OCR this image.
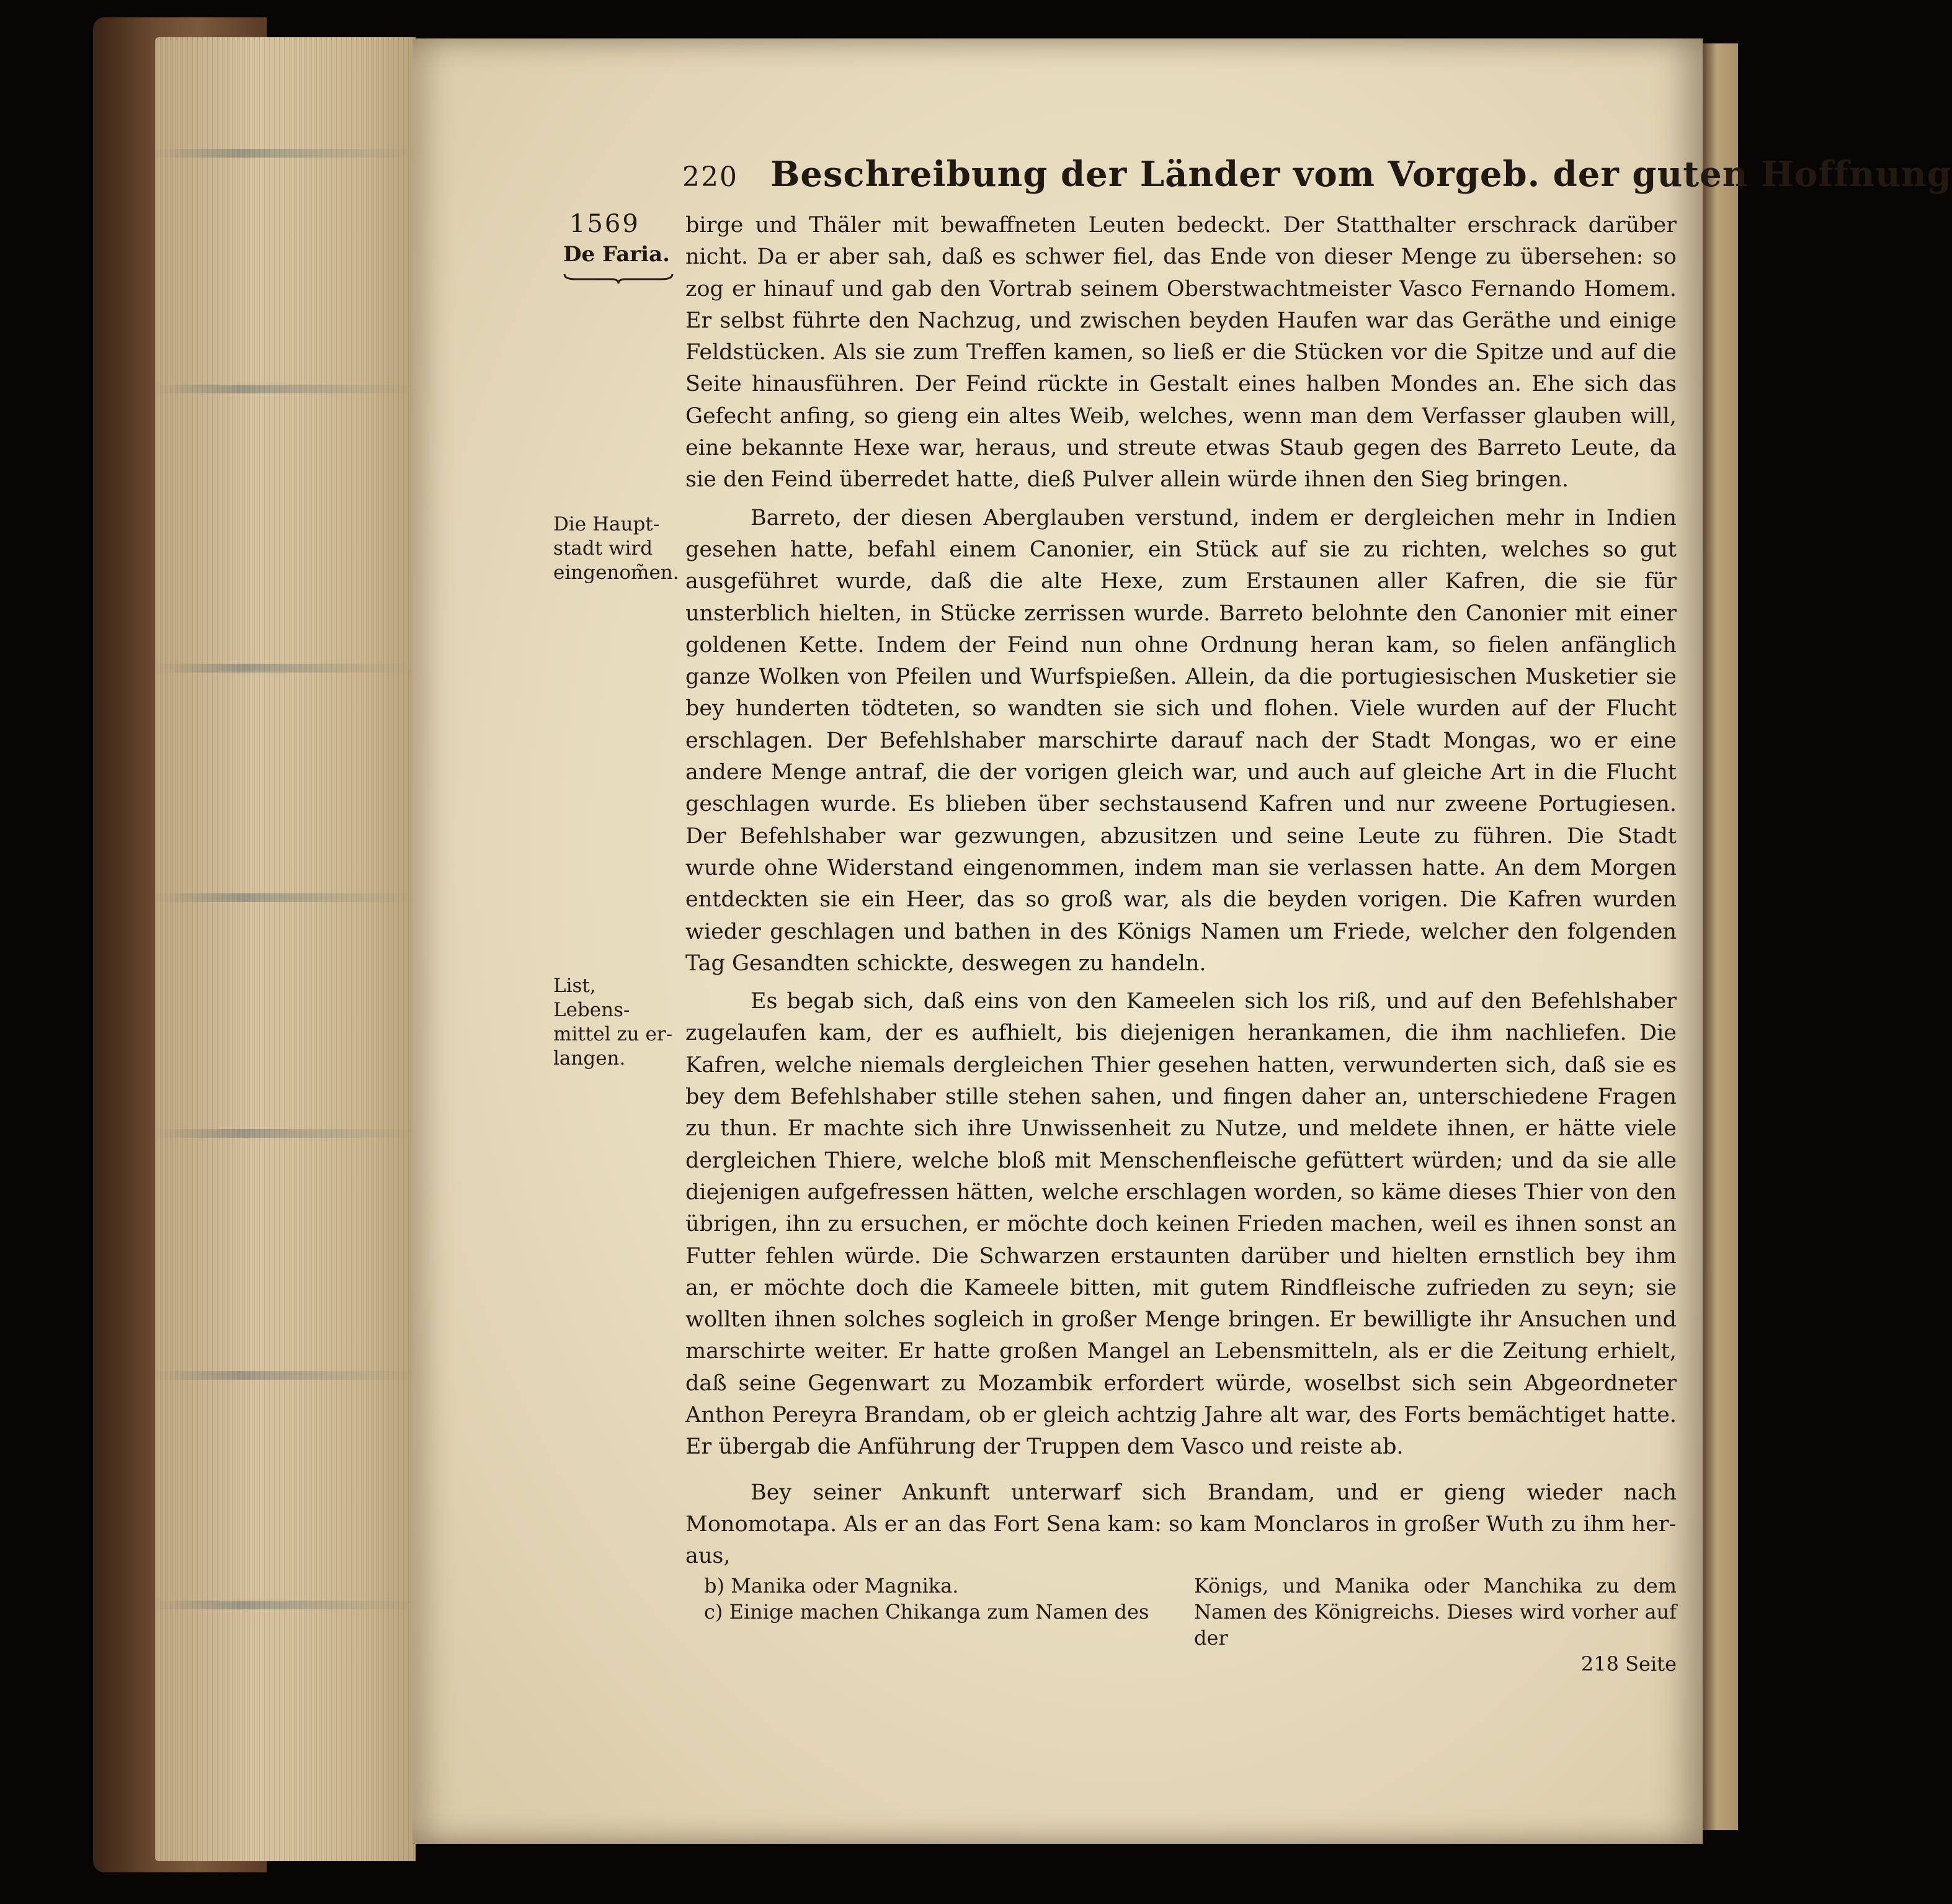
220 Beschreibung der Länder vom Vorgeb. der guten Hoffnung
1569
De Faria.
Die Haupt-stadt wird eingenom̃en.
List, Lebens-mittel zu er-langen.

birge und Thäler mit bewaffneten Leuten bedeckt. Der Statthalter erschrack darüber nicht. Da er aber sah, daß es schwer fiel, das Ende von dieser Menge zu übersehen: so zog er hinauf und gab den Vortrab seinem Oberstwachtmeister Vasco Fernando Homem. Er selbst führte den Nachzug, und zwischen beyden Haufen war das Geräthe und einige Feldstücken. Als sie zum Treffen kamen, so ließ er die Stücken vor die Spitze und auf die Seite hinausführen. Der Feind rückte in Gestalt eines halben Mondes an. Ehe sich das Gefecht anfing, so gieng ein altes Weib, welches, wenn man dem Verfasser glauben will, eine bekannte Hexe war, heraus, und streute etwas Staub gegen des Barreto Leute, da sie den Feind überredet hatte, dieß Pulver allein würde ihnen den Sieg bringen.

Barreto, der diesen Aberglauben verstund, indem er dergleichen mehr in Indien gesehen hatte, befahl einem Canonier, ein Stück auf sie zu richten, welches so gut ausgeführet wurde, daß die alte Hexe, zum Erstaunen aller Kafren, die sie für unsterblich hielten, in Stücke zerrissen wurde. Barreto belohnte den Canonier mit einer goldenen Kette. Indem der Feind nun ohne Ordnung heran kam, so fielen anfänglich ganze Wolken von Pfeilen und Wurfspießen. Allein, da die portugiesischen Musketier sie bey hunderten tödteten, so wandten sie sich und flohen. Viele wurden auf der Flucht erschlagen. Der Befehlshaber marschirte darauf nach der Stadt Mongas, wo er eine andere Menge antraf, die der vorigen gleich war, und auch auf gleiche Art in die Flucht geschlagen wurde. Es blieben über sechstausend Kafren und nur zweene Portugiesen. Der Befehlshaber war gezwungen, abzusitzen und seine Leute zu führen. Die Stadt wurde ohne Widerstand eingenommen, indem man sie verlassen hatte. An dem Morgen entdeckten sie ein Heer, das so groß war, als die beyden vorigen. Die Kafren wurden wieder geschlagen und bathen in des Königs Namen um Friede, welcher den folgenden Tag Gesandten schickte, deswegen zu handeln.

Es begab sich, daß eins von den Kameelen sich los riß, und auf den Befehlshaber zugelaufen kam, der es aufhielt, bis diejenigen herankamen, die ihm nachliefen. Die Kafren, welche niemals dergleichen Thier gesehen hatten, verwunderten sich, daß sie es bey dem Befehlshaber stille stehen sahen, und fingen daher an, unterschiedene Fragen zu thun. Er machte sich ihre Unwissenheit zu Nutze, und meldete ihnen, er hätte viele dergleichen Thiere, welche bloß mit Menschenfleische gefüttert würden; und da sie alle diejenigen aufgefressen hätten, welche erschlagen worden, so käme dieses Thier von den übrigen, ihn zu ersuchen, er möchte doch keinen Frieden machen, weil es ihnen sonst an Futter fehlen würde. Die Schwarzen erstaunten darüber und hielten ernstlich bey ihm an, er möchte doch die Kameele bitten, mit gutem Rindfleische zufrieden zu seyn; sie wollten ihnen solches sogleich in großer Menge bringen. Er bewilligte ihr Ansuchen und marschirte weiter. Er hatte großen Mangel an Lebensmitteln, als er die Zeitung erhielt, daß seine Gegenwart zu Mozambik erfordert würde, woselbst sich sein Abgeordneter Anthon Pereyra Brandam, ob er gleich achtzig Jahre alt war, des Forts bemächtiget hatte. Er übergab die Anführung der Truppen dem Vasco und reiste ab.

Bey seiner Ankunft unterwarf sich Brandam, und er gieng wieder nach Monomotapa. Als er an das Fort Sena kam: so kam Monclaros in großer Wuth zu ihm her-

aus,

b) Manika oder Magnika.
c) Einige machen Chikanga zum Namen des
Königs, und Manika oder Manchika zu dem Namen des Königreichs. Dieses wird vorher auf der
218 Seite
